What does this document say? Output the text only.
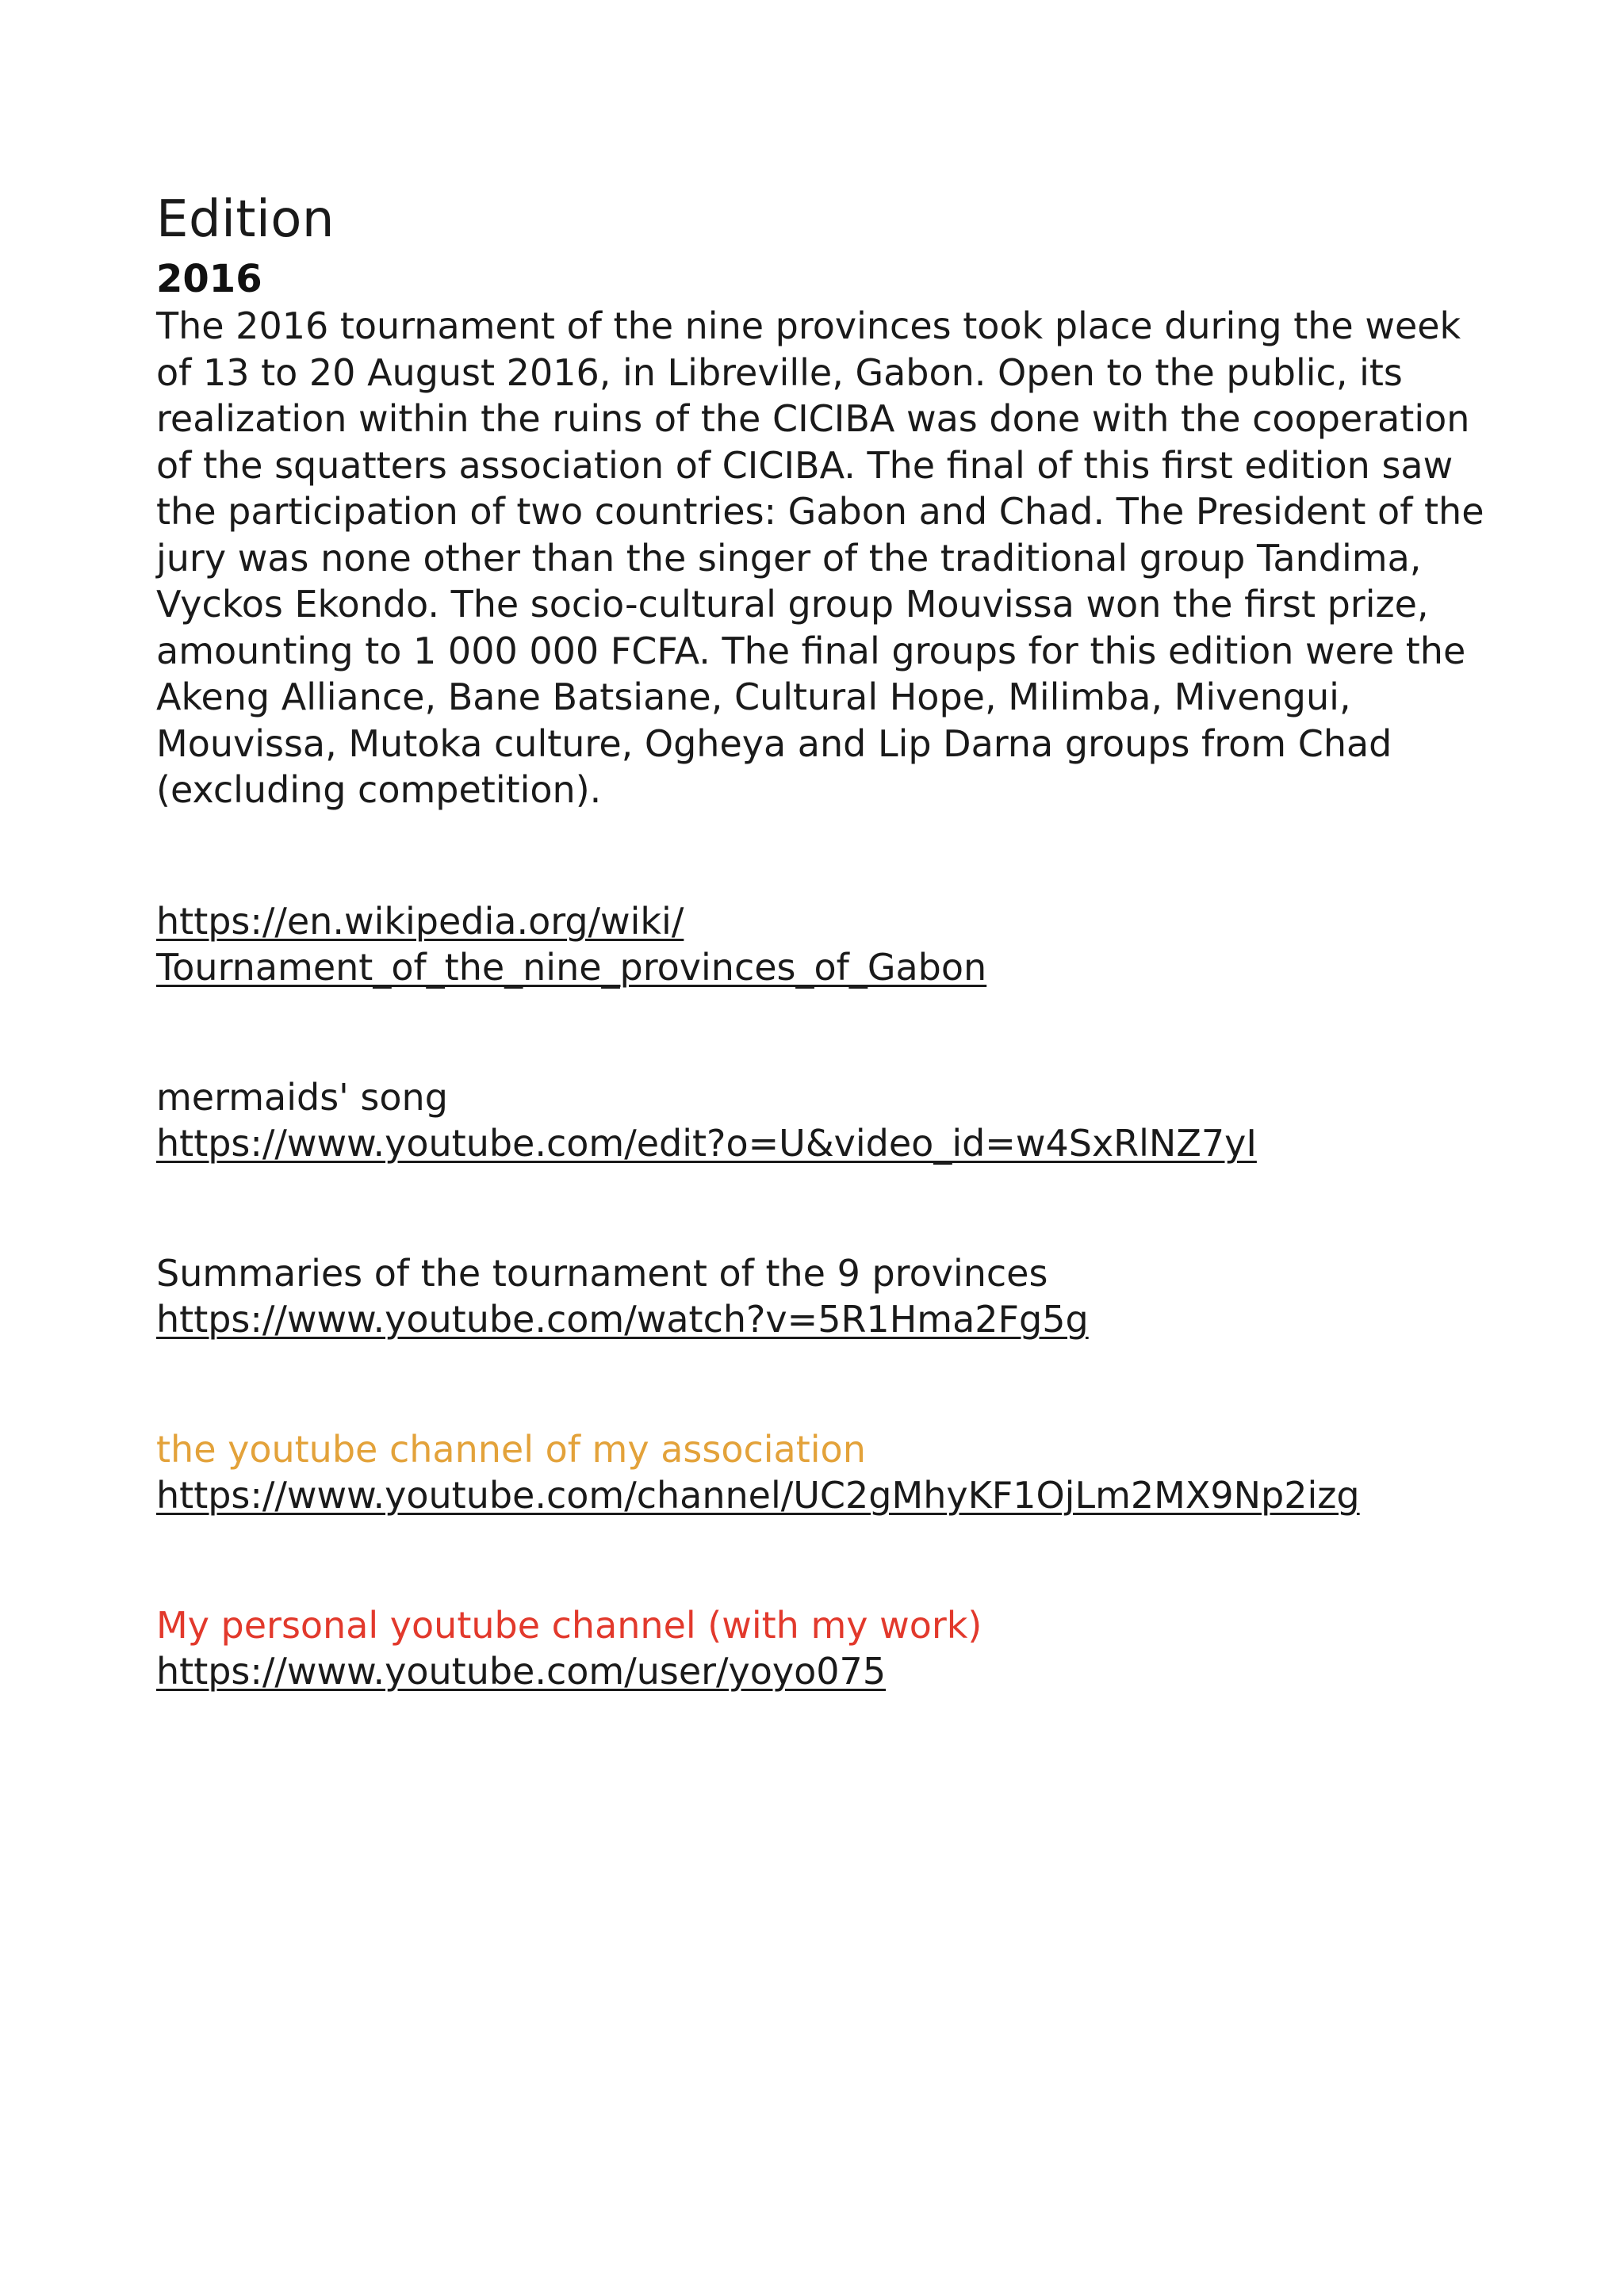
Edition
2016

The 2016 tournament of the nine provinces took place during the week of 13 to 20 August 2016, in Libreville, Gabon. Open to the public, its realization within the ruins of the CICIBA was done with the cooperation of the squatters association of CICIBA. The final of this first edition saw the participation of two countries: Gabon and Chad. The President of the jury was none other than the singer of the traditional group Tandima, Vyckos Ekondo. The socio-cultural group Mouvissa won the first prize, amounting to 1 000 000 FCFA. The final groups for this edition were the Akeng Alliance, Bane Batsiane, Cultural Hope, Milimba, Mivengui, Mouvissa, Mutoka culture, Ogheya and Lip Darna groups from Chad (excluding competition).

https://en.wikipedia.org/wiki/
Tournament_of_the_nine_provinces_of_Gabon
mermaids' song
https://www.youtube.com/edit?o=U&video_id=w4SxRlNZ7yI
Summaries of the tournament of the 9 provinces
https://www.youtube.com/watch?v=5R1Hma2Fg5g
the youtube channel of my association
https://www.youtube.com/channel/UC2gMhyKF1OjLm2MX9Np2izg
My personal youtube channel (with my work)
https://www.youtube.com/user/yoyo075
